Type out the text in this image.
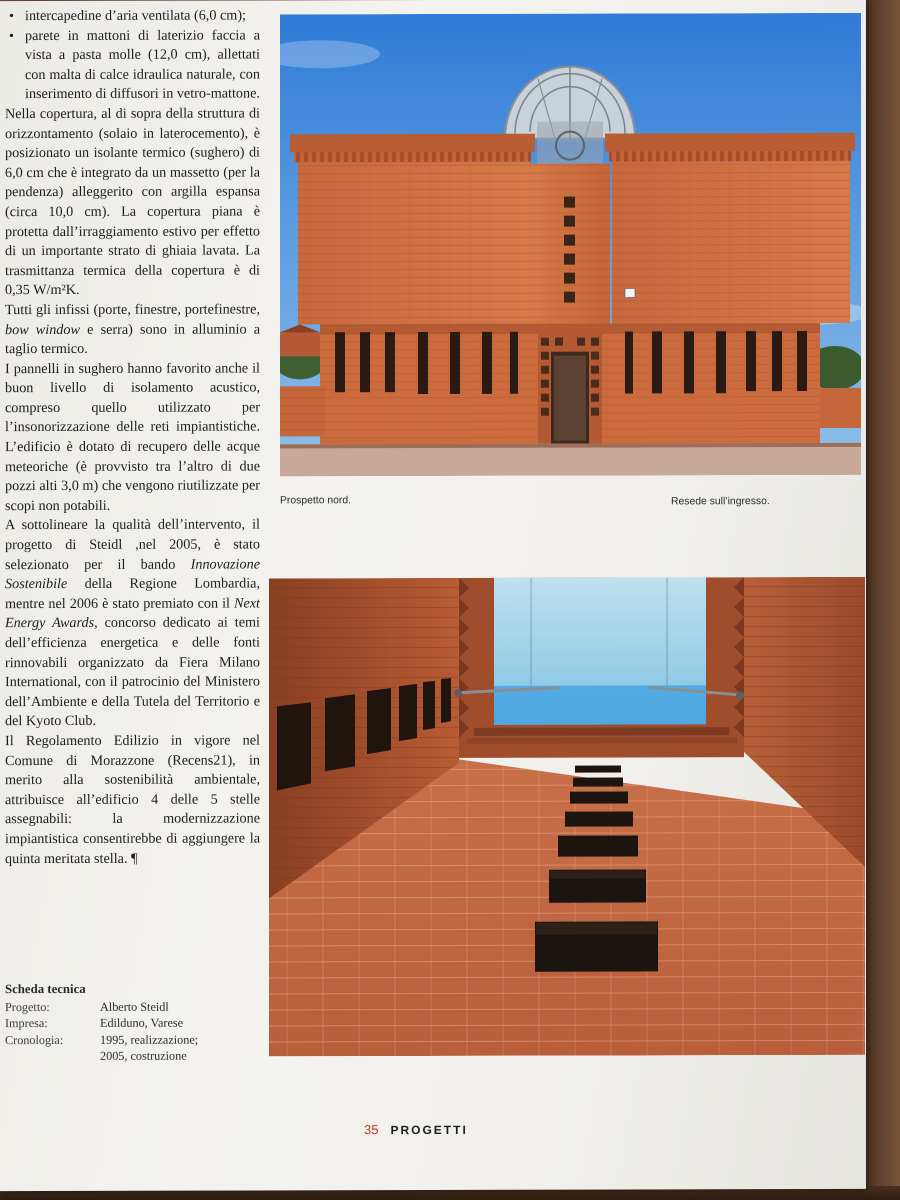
• intercapedine d’aria ventilata (6,0 cm);
• parete in mattoni di laterizio faccia a vista a pasta molle (12,0 cm), allettati con malta di calce idraulica naturale, con inserimento di diffusori in vetro-mattone.

Nella copertura, al di sopra della struttura di orizzontamento (solaio in laterocemento), è posizionato un isolante termico (sughero) di 6,0 cm che è integrato da un massetto (per la pendenza) alleggerito con argilla espansa (circa 10,0 cm). La copertura piana è protetta dall’irraggiamento estivo per effetto di un importante strato di ghiaia lavata. La trasmittanza termica della copertura è di 0,35 W/m²K.

Tutti gli infissi (porte, finestre, portefinestre, bow window e serra) sono in alluminio a taglio termico.

I pannelli in sughero hanno favorito anche il buon livello di isolamento acustico, compreso quello utilizzato per l’insonorizzazione delle reti impiantistiche. L’edificio è dotato di recupero delle acque meteoriche (è provvisto tra l’altro di due pozzi alti 3,0 m) che vengono riutilizzate per scopi non potabili.

A sottolineare la qualità dell’intervento, il progetto di Steidl ,nel 2005, è stato selezionato per il bando Innovazione Sostenibile della Regione Lombardia, mentre nel 2006 è stato premiato con il Next Energy Awards, concorso dedicato ai temi dell’efficienza energetica e delle fonti rinnovabili organizzato da Fiera Milano International, con il patrocinio del Ministero dell’Ambiente e della Tutela del Territorio e del Kyoto Club.

Il Regolamento Edilizio in vigore nel Comune di Morazzone (Recens21), in merito alla sostenibilità ambientale, attribuisce all’edificio 4 delle 5 stelle assegnabili: la modernizzazione impiantistica consentirebbe di aggiungere la quinta meritata stella. ¶

Scheda tecnica
Progetto:	Alberto Steidl
Impresa:	Edilduno, Varese
Cronologia:	1995, realizzazione;
2005, costruzione
Prospetto nord.	Resede sull’ingresso.
35 PROGETTI
